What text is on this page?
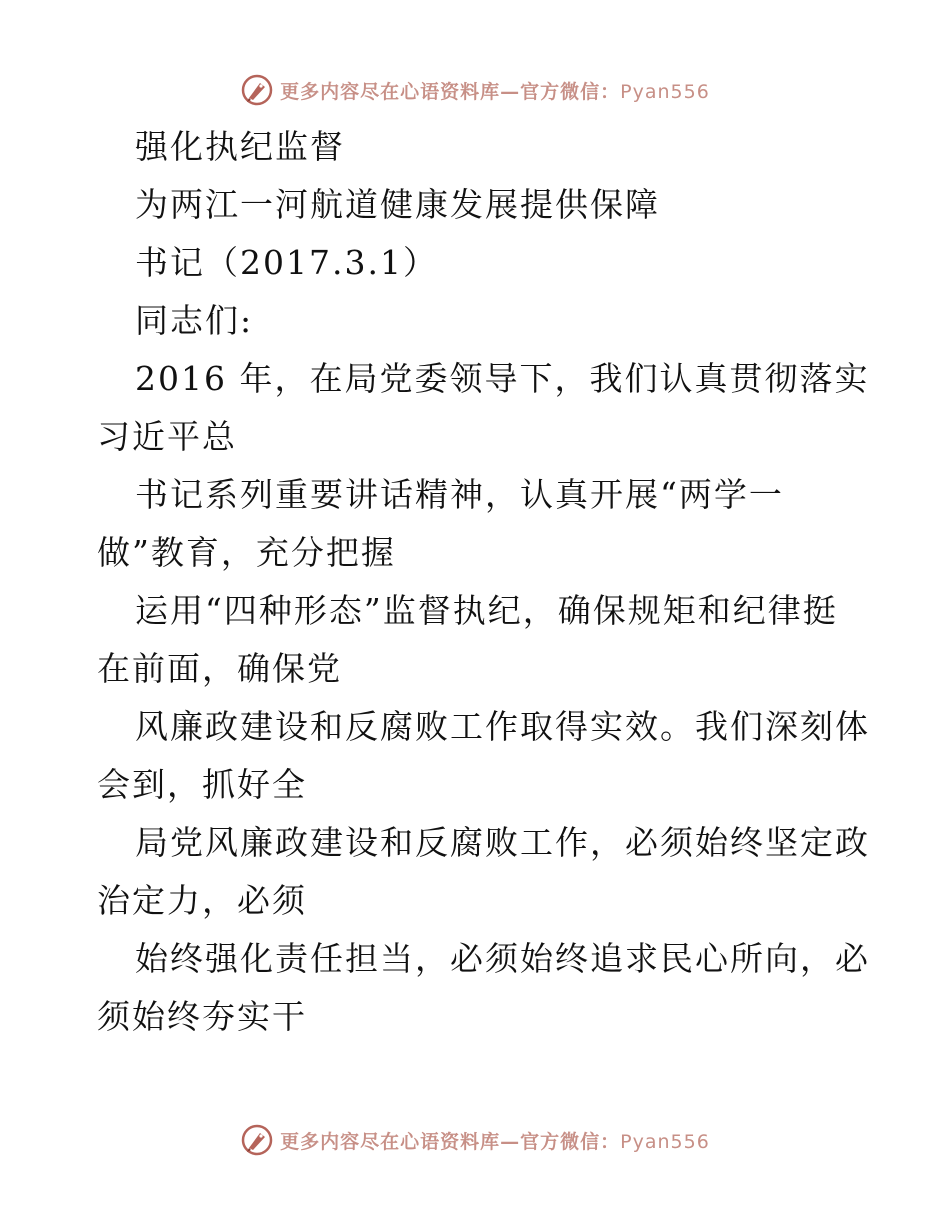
更多内容尽在心语资料库—官方微信：Pyan556
强化执纪监督
为两江一河航道健康发展提供保障
书记（2017.3.1）
同志们:
2016 年，在局党委领导下，我们认真贯彻落实
习近平总
书记系列重要讲话精神，认真开展“两学一
做”教育，充分把握
运用“四种形态”监督执纪，确保规矩和纪律挺
在前面，确保党
风廉政建设和反腐败工作取得实效。我们深刻体
会到，抓好全
局党风廉政建设和反腐败工作，必须始终坚定政
治定力，必须
始终强化责任担当，必须始终追求民心所向，必
须始终夯实干
更多内容尽在心语资料库—官方微信：Pyan556
